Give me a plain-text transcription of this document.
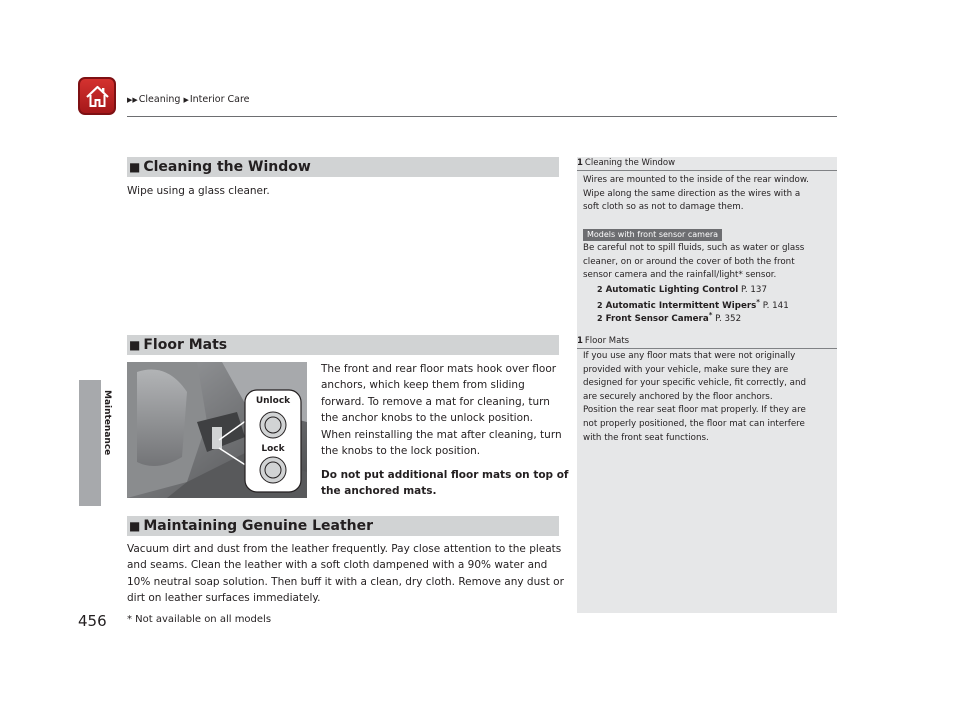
▶▶Cleaning ▶Interior Care
Maintenance
■ Cleaning the Window
Wipe using a glass cleaner.
■ Floor Mats
Unlock
Lock
The front and rear floor mats hook over floor
anchors, which keep them from sliding
forward. To remove a mat for cleaning, turn
the anchor knobs to the unlock position.
When reinstalling the mat after cleaning, turn
the knobs to the lock position.
Do not put additional floor mats on top of
the anchored mats.
■ Maintaining Genuine Leather
Vacuum dirt and dust from the leather frequently. Pay close attention to the pleats
and seams. Clean the leather with a soft cloth dampened with a 90% water and
10% neutral soap solution. Then buff it with a clean, dry cloth. Remove any dust or
dirt on leather surfaces immediately.
1 Cleaning the Window
Wires are mounted to the inside of the rear window.
Wipe along the same direction as the wires with a
soft cloth so as not to damage them.
Models with front sensor camera
Be careful not to spill fluids, such as water or glass
cleaner, on or around the cover of both the front
sensor camera and the rainfall/light* sensor.
2 Automatic Lighting Control P. 137
2 Automatic Intermittent Wipers* P. 141
2 Front Sensor Camera* P. 352
1 Floor Mats
If you use any floor mats that were not originally
provided with your vehicle, make sure they are
designed for your specific vehicle, fit correctly, and
are securely anchored by the floor anchors.
Position the rear seat floor mat properly. If they are
not properly positioned, the floor mat can interfere
with the front seat functions.
456 * Not available on all models
